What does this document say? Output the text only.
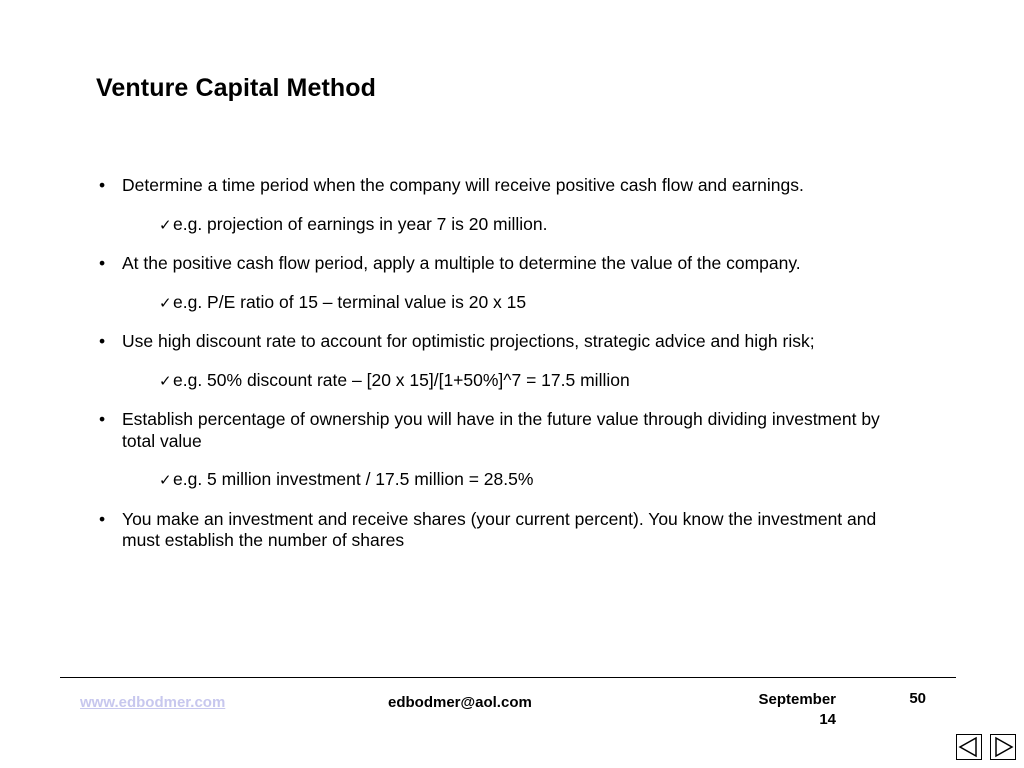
Venture Capital Method
• Determine a time period when the company will receive positive cash flow and earnings.
✓e.g. projection of earnings in year 7 is 20 million.
• At the positive cash flow period, apply a multiple to determine the value of the company.
✓e.g. P/E ratio of 15 – terminal value is 20 x 15
• Use high discount rate to account for optimistic projections, strategic advice and high risk;
✓e.g. 50% discount rate – [20 x 15]/[1+50%]^7 = 17.5 million
• Establish percentage of ownership you will have in the future value through dividing investment by total value
✓e.g. 5 million investment / 17.5 million = 28.5%
• You make an investment and receive shares (your current percent). You know the investment and must establish the number of shares
www.edbodmer.com	edbodmer@aol.com	September
14
50
